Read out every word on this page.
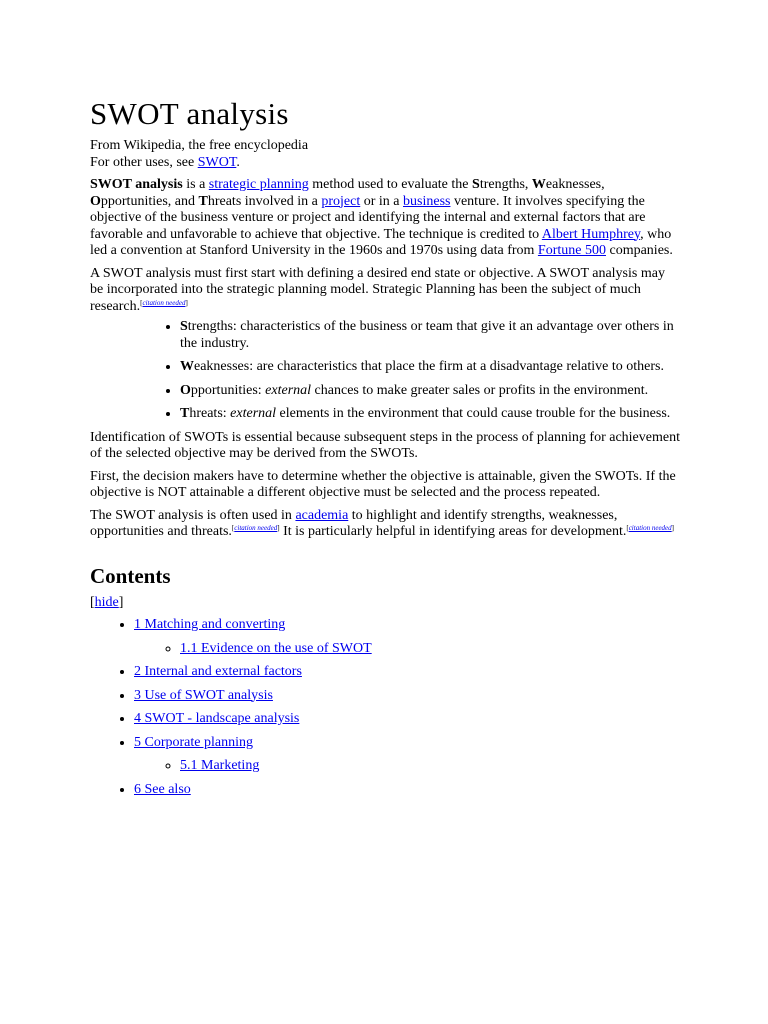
SWOT analysis
From Wikipedia, the free encyclopedia
For other uses, see SWOT.

SWOT analysis is a strategic planning method used to evaluate the Strengths, Weaknesses, Opportunities, and Threats involved in a project or in a business venture. It involves specifying the objective of the business venture or project and identifying the internal and external factors that are favorable and unfavorable to achieve that objective. The technique is credited to Albert Humphrey, who led a convention at Stanford University in the 1960s and 1970s using data from Fortune 500 companies.

A SWOT analysis must first start with defining a desired end state or objective. A SWOT analysis may be incorporated into the strategic planning model. Strategic Planning has been the subject of much research.[citation needed]

• Strengths: characteristics of the business or team that give it an advantage over others in the industry.
• Weaknesses: are characteristics that place the firm at a disadvantage relative to others.
• Opportunities: external chances to make greater sales or profits in the environment.
• Threats: external elements in the environment that could cause trouble for the business.

Identification of SWOTs is essential because subsequent steps in the process of planning for achievement of the selected objective may be derived from the SWOTs.

First, the decision makers have to determine whether the objective is attainable, given the SWOTs. If the objective is NOT attainable a different objective must be selected and the process repeated.

The SWOT analysis is often used in academia to highlight and identify strengths, weaknesses, opportunities and threats.[citation needed] It is particularly helpful in identifying areas for development.[citation needed]

Contents
[hide]
• 1 Matching and converting
◦ 1.1 Evidence on the use of SWOT
• 2 Internal and external factors
• 3 Use of SWOT analysis
• 4 SWOT - landscape analysis
• 5 Corporate planning
◦ 5.1 Marketing
• 6 See also
